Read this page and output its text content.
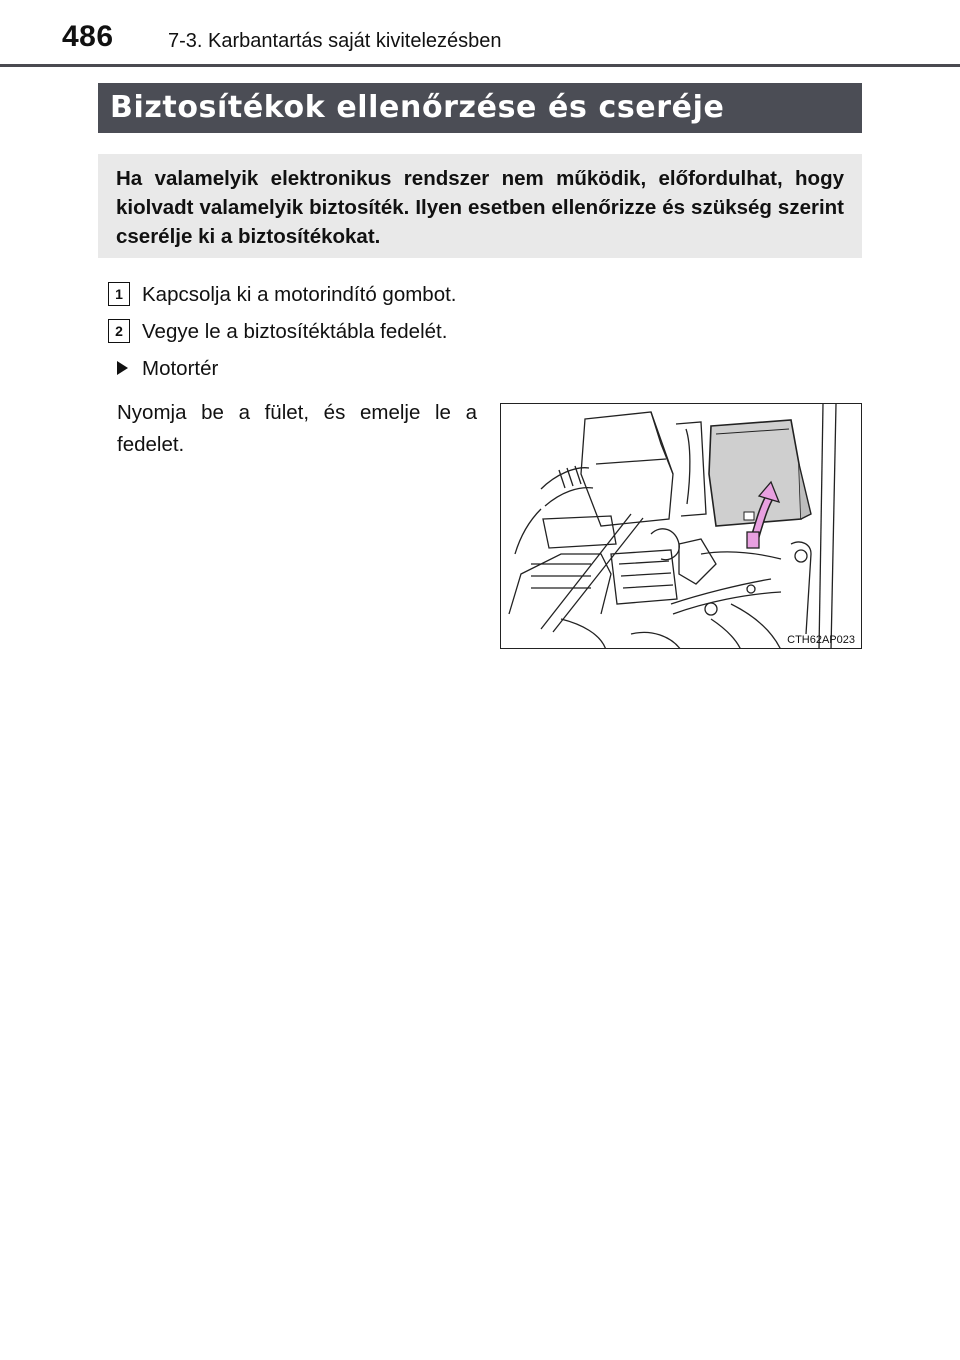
486	7-3. Karbantartás saját kivitelezésben
Biztosítékok ellenőrzése és cseréje
Ha valamelyik elektronikus rendszer nem működik, előfordulhat, hogy kiolvadt valamelyik biztosíték. Ilyen esetben ellenőrizze és szükség szerint cserélje ki a biztosítékokat.
1 Kapcsolja ki a motorindító gombot.
2 Vegye le a biztosítéktábla fedelét.
Motortér
Nyomja be a fület, és emelje le a fedelet.
CTH62AP023
